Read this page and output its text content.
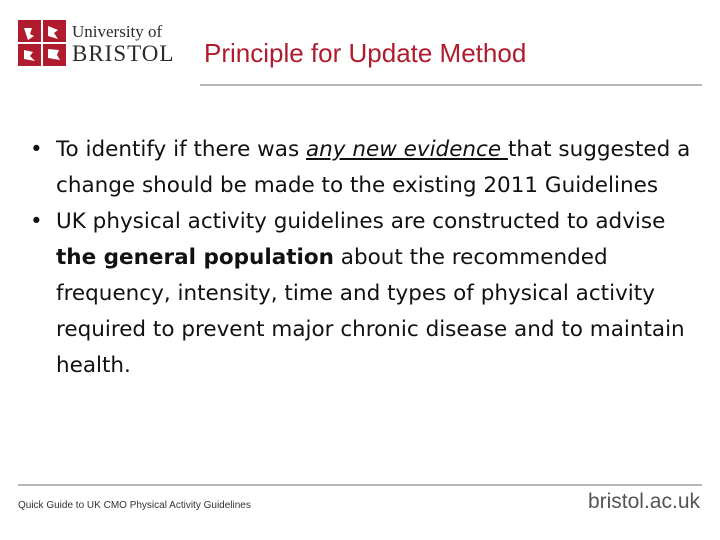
University of
BRISTOL Principle for Update Method
• To identify if there was any new evidence that suggested a change should be made to the existing 2011 Guidelines
• UK physical activity guidelines are constructed to advise the general population about the recommended frequency, intensity, time and types of physical activity required to prevent major chronic disease and to maintain health.
Quick Guide to UK CMO Physical Activity Guidelines	bristol.ac.uk
